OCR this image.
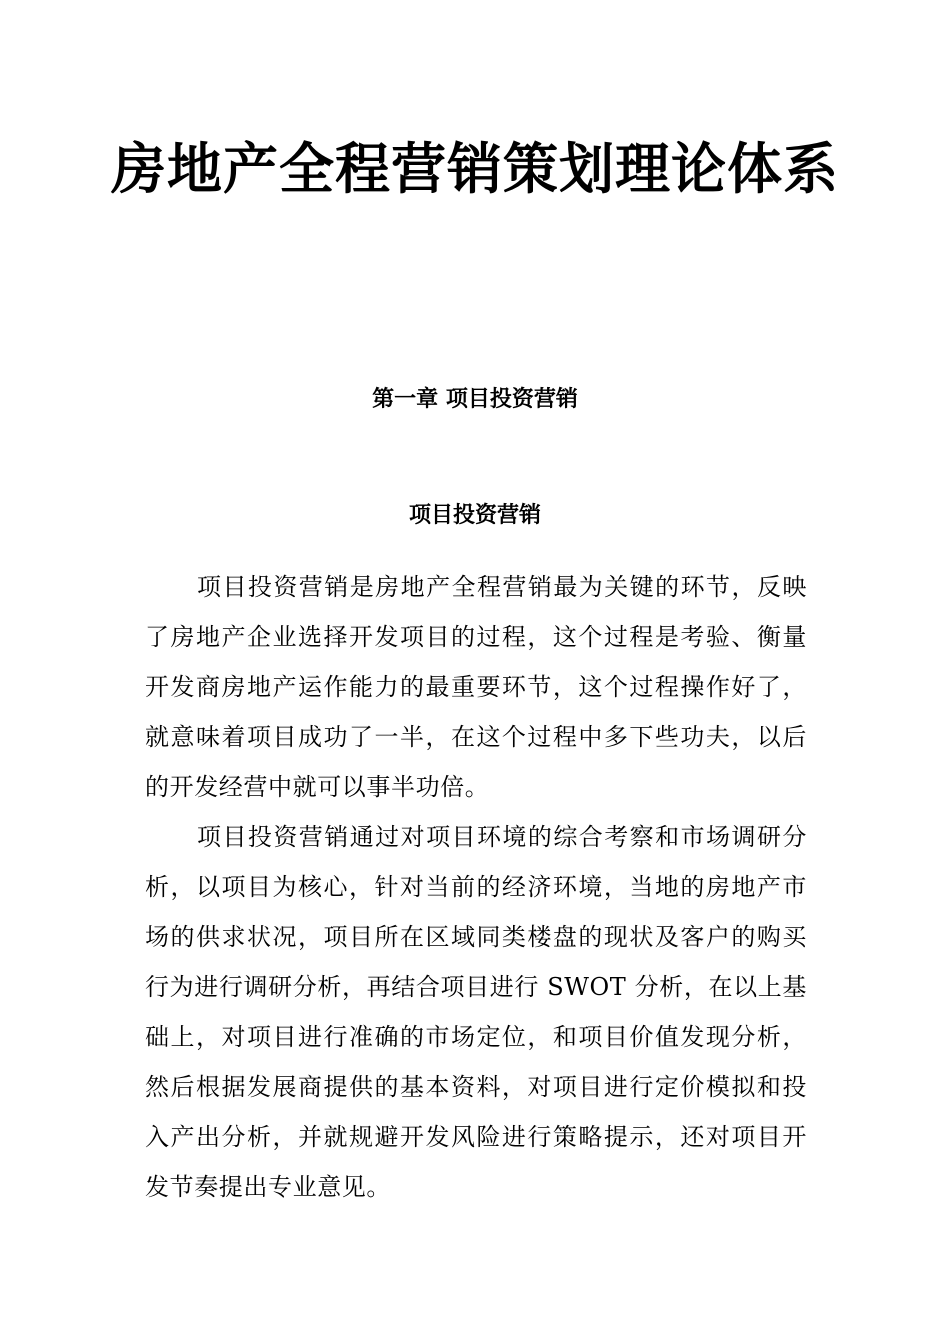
房地产全程营销策划理论体系
第一章 项目投资营销
项目投资营销

项目投资营销是房地产全程营销最为关键的环节，反映了房地产企业选择开发项目的过程，这个过程是考验、衡量开发商房地产运作能力的最重要环节，这个过程操作好了，就意味着项目成功了一半，在这个过程中多下些功夫，以后的开发经营中就可以事半功倍。

项目投资营销通过对项目环境的综合考察和市场调研分析，以项目为核心，针对当前的经济环境，当地的房地产市场的供求状况，项目所在区域同类楼盘的现状及客户的购买行为进行调研分析，再结合项目进行 SWOT 分析，在以上基础上，对项目进行准确的市场定位，和项目价值发现分析，然后根据发展商提供的基本资料，对项目进行定价模拟和投入产出分析，并就规避开发风险进行策略提示，还对项目开发节奏提出专业意见。
